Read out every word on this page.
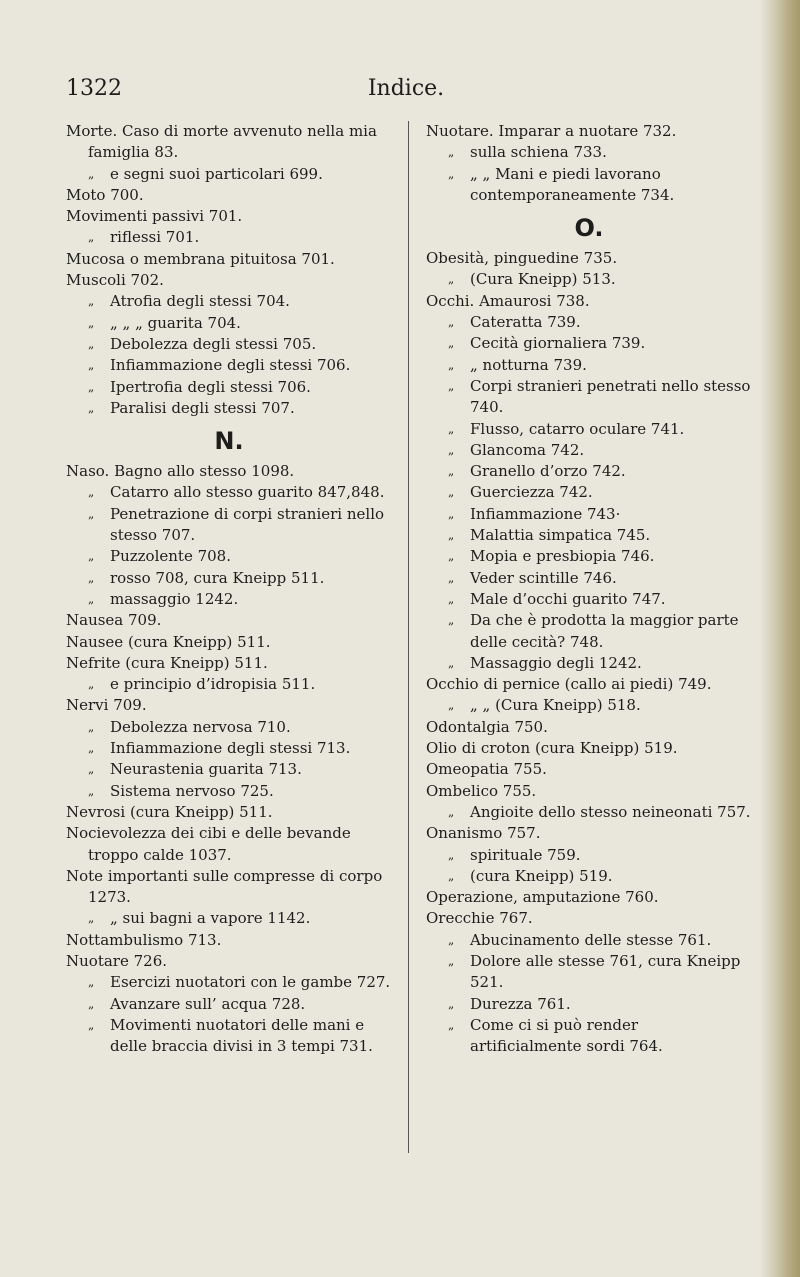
1322	Indice.

Morte. Caso di morte avvenuto nella mia famiglia 83.

„ e segni suoi particolari 699.

Moto 700.

Movimenti passivi 701.

„ riflessi 701.

Mucosa o membrana pituitosa 701.

Muscoli 702.

„ Atrofia degli stessi 704.

„ „ „ „ guarita 704.

„ Debolezza degli stessi 705.

„ Infiammazione degli stessi 706.

„ Ipertrofia degli stessi 706.

„ Paralisi degli stessi 707.

N.

Naso. Bagno allo stesso 1098.

„ Catarro allo stesso guarito 847,848.

„ Penetrazione di corpi stranieri nello stesso 707.

„ Puzzolente 708.

„ rosso 708, cura Kneipp 511.

„ massaggio 1242.

Nausea 709.

Nausee (cura Kneipp) 511.

Nefrite (cura Kneipp) 511.

„ e principio d’idropisia 511.

Nervi 709.

„ Debolezza nervosa 710.

„ Infiammazione degli stessi 713.

„ Neurastenia guarita 713.

„ Sistema nervoso 725.

Nevrosi (cura Kneipp) 511.

Nocievolezza dei cibi e delle bevande troppo calde 1037.

Note importanti sulle compresse di corpo 1273.

„ „ sui bagni a vapore 1142.

Nottambulismo 713.

Nuotare 726.

„ Esercizi nuotatori con le gambe 727.

„ Avanzare sull’ acqua 728.

„ Movimenti nuotatori delle mani e delle braccia divisi in 3 tempi 731.

Nuotare. Imparar a nuotare 732.

„ sulla schiena 733.

„ „ „ Mani e piedi lavorano contemporaneamente 734.

O.

Obesità, pinguedine 735.

„ (Cura Kneipp) 513.

Occhi. Amaurosi 738.

„ Cateratta 739.

„ Cecità giornaliera 739.

„ „ notturna 739.

„ Corpi stranieri penetrati nello stesso 740.

„ Flusso, catarro oculare 741.

„ Glancoma 742.

„ Granello d’orzo 742.

„ Guerciezza 742.

„ Infiammazione 743·

„ Malattia simpatica 745.

„ Mopia e presbiopia 746.

„ Veder scintille 746.

„ Male d’occhi guarito 747.

„ Da che è prodotta la maggior parte delle cecità? 748.

„ Massaggio degli 1242.

Occhio di pernice (callo ai piedi) 749.

„ „ „ (Cura Kneipp) 518.

Odontalgia 750.

Olio di croton (cura Kneipp) 519.

Omeopatia 755.

Ombelico 755.

„ Angioite dello stesso neineonati 757.

Onanismo 757.

„ spirituale 759.

„ (cura Kneipp) 519.

Operazione, amputazione 760.

Orecchie 767.

„ Abucinamento delle stesse 761.

„ Dolore alle stesse 761, cura Kneipp 521.

„ Durezza 761.

„ Come ci si può render artificialmente sordi 764.
